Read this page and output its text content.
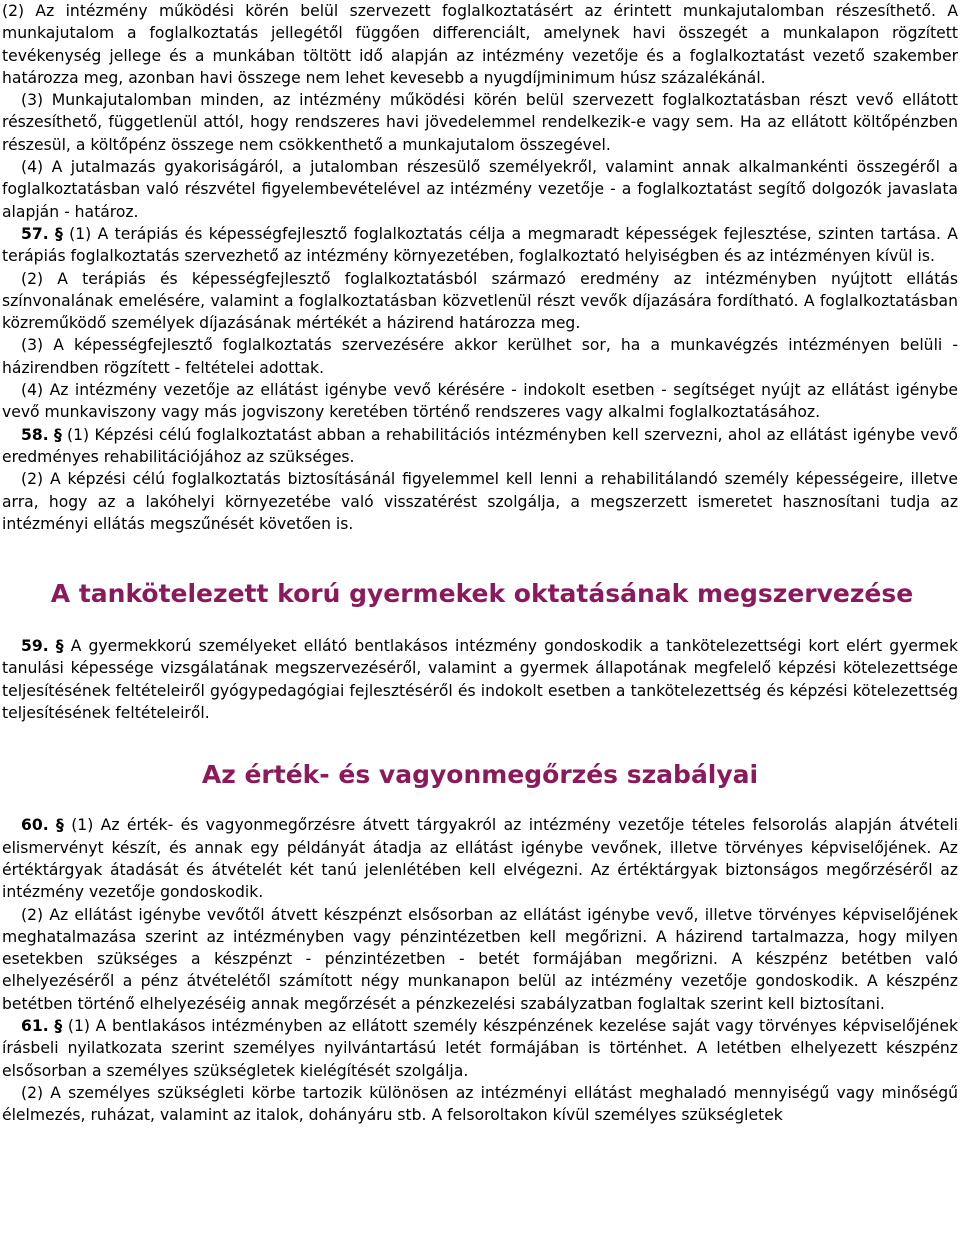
(2) Az intézmény működési körén belül szervezett foglalkoztatásért az érintett munkajutalomban részesíthető. A munkajutalom a foglalkoztatás jellegétől függően differenciált, amelynek havi összegét a munkalapon rögzített tevékenység jellege és a munkában töltött idő alapján az intézmény vezetője és a foglalkoztatást vezető szakember határozza meg, azonban havi összege nem lehet kevesebb a nyugdíjminimum húsz százalékánál.

(3) Munkajutalomban minden, az intézmény működési körén belül szervezett foglalkoztatásban részt vevő ellátott részesíthető, függetlenül attól, hogy rendszeres havi jövedelemmel rendelkezik-e vagy sem. Ha az ellátott költőpénzben részesül, a költőpénz összege nem csökkenthető a munkajutalom összegével.

(4) A jutalmazás gyakoriságáról, a jutalomban részesülő személyekről, valamint annak alkalmankénti összegéről a foglalkoztatásban való részvétel figyelembevételével az intézmény vezetője - a foglalkoztatást segítő dolgozók javaslata alapján - határoz.

57. § (1) A terápiás és képességfejlesztő foglalkoztatás célja a megmaradt képességek fejlesztése, szinten tartása. A terápiás foglalkoztatás szervezhető az intézmény környezetében, foglalkoztató helyiségben és az intézményen kívül is.

(2) A terápiás és képességfejlesztő foglalkoztatásból származó eredmény az intézményben nyújtott ellátás színvonalának emelésére, valamint a foglalkoztatásban közvetlenül részt vevők díjazására fordítható. A foglalkoztatásban közreműködő személyek díjazásának mértékét a házirend határozza meg.

(3) A képességfejlesztő foglalkoztatás szervezésére akkor kerülhet sor, ha a munkavégzés intézményen belüli - házirendben rögzített - feltételei adottak.

(4) Az intézmény vezetője az ellátást igénybe vevő kérésére - indokolt esetben - segítséget nyújt az ellátást igénybe vevő munkaviszony vagy más jogviszony keretében történő rendszeres vagy alkalmi foglalkoztatásához.

58. § (1) Képzési célú foglalkoztatást abban a rehabilitációs intézményben kell szervezni, ahol az ellátást igénybe vevő eredményes rehabilitációjához az szükséges.

(2) A képzési célú foglalkoztatás biztosításánál figyelemmel kell lenni a rehabilitálandó személy képességeire, illetve arra, hogy az a lakóhelyi környezetébe való visszatérést szolgálja, a megszerzett ismeretet hasznosítani tudja az intézményi ellátás megszűnését követően is.

A tankötelezett korú gyermekek oktatásának megszervezése

59. § A gyermekkorú személyeket ellátó bentlakásos intézmény gondoskodik a tankötelezettségi kort elért gyermek tanulási képessége vizsgálatának megszervezéséről, valamint a gyermek állapotának megfelelő képzési kötelezettsége teljesítésének feltételeiről gyógypedagógiai fejlesztéséről és indokolt esetben a tankötelezettség és képzési kötelezettség teljesítésének feltételeiről.

Az érték- és vagyonmegőrzés szabályai

60. § (1) Az érték- és vagyonmegőrzésre átvett tárgyakról az intézmény vezetője tételes felsorolás alapján átvételi elismervényt készít, és annak egy példányát átadja az ellátást igénybe vevőnek, illetve törvényes képviselőjének. Az értéktárgyak átadását és átvételét két tanú jelenlétében kell elvégezni. Az értéktárgyak biztonságos megőrzéséről az intézmény vezetője gondoskodik.

(2) Az ellátást igénybe vevőtől átvett készpénzt elsősorban az ellátást igénybe vevő, illetve törvényes képviselőjének meghatalmazása szerint az intézményben vagy pénzintézetben kell megőrizni. A házirend tartalmazza, hogy milyen esetekben szükséges a készpénzt - pénzintézetben - betét formájában megőrizni. A készpénz betétben való elhelyezéséről a pénz átvételétől számított négy munkanapon belül az intézmény vezetője gondoskodik. A készpénz betétben történő elhelyezéséig annak megőrzését a pénzkezelési szabályzatban foglaltak szerint kell biztosítani.

61. § (1) A bentlakásos intézményben az ellátott személy készpénzének kezelése saját vagy törvényes képviselőjének írásbeli nyilatkozata szerint személyes nyilvántartású letét formájában is történhet. A letétben elhelyezett készpénz elsősorban a személyes szükségletek kielégítését szolgálja.

(2) A személyes szükségleti körbe tartozik különösen az intézményi ellátást meghaladó mennyiségű vagy minőségű élelmezés, ruházat, valamint az italok, dohányáru stb. A felsoroltakon kívül személyes szükségletek
